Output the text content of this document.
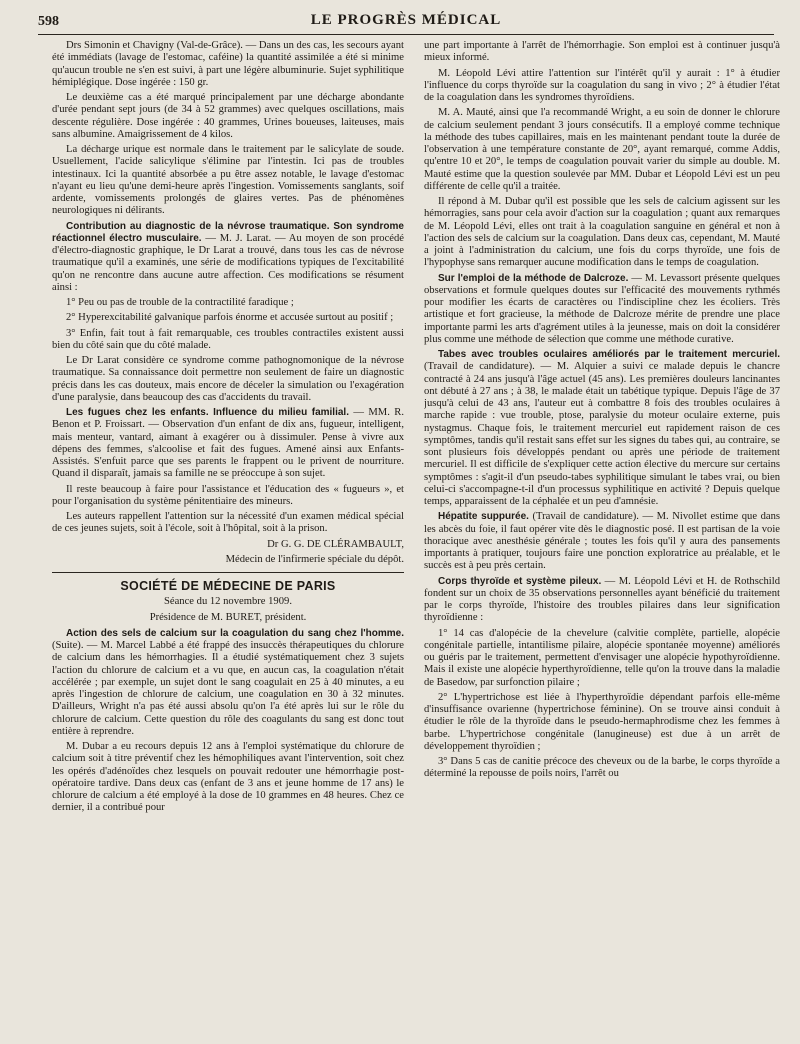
598	LE PROGRÈS MÉDICAL

Drs Simonin et Chavigny (Val-de-Grâce). — Dans un des cas, les secours ayant été immédiats (lavage de l'estomac, caféine) la quantité assimilée a été si minime qu'aucun trouble ne s'en est suivi, à part une légère albuminurie. Sujet syphilitique hémiplégique. Dose ingérée : 150 gr.

Le deuxième cas a été marqué principalement par une décharge abondante d'urée pendant sept jours (de 34 à 52 grammes) avec quelques oscillations, mais descente régulière. Dose ingérée : 40 grammes, Urines boueuses, laiteuses, mais sans albumine. Amaigrissement de 4 kilos.

La décharge urique est normale dans le traitement par le salicylate de soude. Usuellement, l'acide salicylique s'élimine par l'intestin. Ici pas de troubles intestinaux. Ici la quantité absorbée a pu être assez notable, le lavage d'estomac n'ayant eu lieu qu'une demi-heure après l'ingestion. Vomissements sanglants, soif ardente, vomissements prolongés de glaires vertes. Pas de phénomènes neurologiques ni délirants.

Contribution au diagnostic de la névrose traumatique. Son syndrome réactionnel électro musculaire. — M. J. Larat. — Au moyen de son procédé d'électro-diagnostic graphique, le Dr Larat a trouvé, dans tous les cas de névrose traumatique qu'il a examinés, une série de modifications typiques de l'excitabilité qu'on ne rencontre dans aucune autre affection. Ces modifications se résument ainsi :

1° Peu ou pas de trouble de la contractilité faradique ;

2° Hyperexcitabilité galvanique parfois énorme et accusée surtout au positif ;

3° Enfin, fait tout à fait remarquable, ces troubles contractiles existent aussi bien du côté sain que du côté malade.

Le Dr Larat considère ce syndrome comme pathognomonique de la névrose traumatique. Sa connaissance doit permettre non seulement de faire un diagnostic précis dans les cas douteux, mais encore de déceler la simulation ou l'exagération d'une paralysie, dans beaucoup des cas d'accidents du travail.

Les fugues chez les enfants. Influence du milieu familial. — MM. R. Benon et P. Froissart. — Observation d'un enfant de dix ans, fugueur, intelligent, mais menteur, vantard, aimant à exagérer ou à dissimuler. Pense à vivre aux dépens des femmes, s'alcoolise et fait des fugues. Amené ainsi aux Enfants-Assistés. S'enfuit parce que ses parents le frappent ou le privent de nourriture. Quand il disparaît, jamais sa famille ne se préoccupe à son sujet.

Il reste beaucoup à faire pour l'assistance et l'éducation des « fugueurs », et pour l'organisation du système pénitentiaire des mineurs.

Les auteurs rappellent l'attention sur la nécessité d'un examen médical spécial de ces jeunes sujets, soit à l'école, soit à l'hôpital, soit à la prison.

Dr G. G. DE CLÉRAMBAULT,

Médecin de l'infirmerie spéciale du dépôt.

SOCIÉTÉ DE MÉDECINE DE PARIS

Séance du 12 novembre 1909.

Présidence de M. BURET, président.

Action des sels de calcium sur la coagulation du sang chez l'homme. (Suite). — M. Marcel Labbé a été frappé des insuccès thérapeutiques du chlorure de calcium dans les hémorrhagies. Il a étudié systématiquement chez 3 sujets l'action du chlorure de calcium et a vu que, en aucun cas, la coagulation n'était accélérée ; par exemple, un sujet dont le sang coagulait en 25 à 40 minutes, a eu après l'ingestion de chlorure de calcium, une coagulation en 30 à 32 minutes. D'ailleurs, Wright n'a pas été aussi absolu qu'on l'a été après lui sur le rôle du chlorure de calcium. Cette question du rôle des coagulants du sang est donc tout entière à reprendre.

M. Dubar a eu recours depuis 12 ans à l'emploi systématique du chlorure de calcium soit à titre préventif chez les hémophiliques avant l'intervention, soit chez les opérés d'adénoïdes chez lesquels on pouvait redouter une hémorrhagie post-opératoire tardive. Dans deux cas (enfant de 3 ans et jeune homme de 17 ans) le chlorure de calcium a été employé à la dose de 10 grammes en 48 heures. Chez ce dernier, il a contribué pour

une part importante à l'arrêt de l'hémorrhagie. Son emploi est à continuer jusqu'à mieux informé.

M. Léopold Lévi attire l'attention sur l'intérêt qu'il y aurait : 1° à étudier l'influence du corps thyroïde sur la coagulation du sang in vivo ; 2° à étudier l'état de la coagulation dans les syndromes thyroïdiens.

M. A. Mauté, ainsi que l'a recommandé Wright, a eu soin de donner le chlorure de calcium seulement pendant 3 jours consécutifs. Il a employé comme technique la méthode des tubes capillaires, mais en les maintenant pendant toute la durée de l'observation à une température constante de 20°, ayant remarqué, comme Addis, qu'entre 10 et 20°, le temps de coagulation pouvait varier du simple au double. M. Mauté estime que la question soulevée par MM. Dubar et Léopold Lévi est un peu différente de celle qu'il a traitée.

Il répond à M. Dubar qu'il est possible que les sels de calcium agissent sur les hémorragies, sans pour cela avoir d'action sur la coagulation ; quant aux remarques de M. Léopold Lévi, elles ont trait à la coagulation sanguine en général et non à l'action des sels de calcium sur la coagulation. Dans deux cas, cependant, M. Mauté a joint à l'administration du calcium, une fois du corps thyroïde, une fois de l'hypophyse sans remarquer aucune modification dans le temps de coagulation.

Sur l'emploi de la méthode de Dalcroze. — M. Levassort présente quelques observations et formule quelques doutes sur l'efficacité des mouvements rythmés pour modifier les écarts de caractères ou l'indiscipline chez les écoliers. Très artistique et fort gracieuse, la méthode de Dalcroze mérite de prendre une place importante parmi les arts d'agrément utiles à la jeunesse, mais on doit la considérer plus comme une méthode de sélection que comme une méthode curative.

Tabes avec troubles oculaires améliorés par le traitement mercuriel. (Travail de candidature). — M. Alquier a suivi ce malade depuis le chancre contracté à 24 ans jusqu'à l'âge actuel (45 ans). Les premières douleurs lancinantes ont débuté à 27 ans ; à 38, le malade était un tabétique typique. Depuis l'âge de 37 jusqu'à celui de 43 ans, l'auteur eut à combattre 8 fois des troubles oculaires à marche rapide : vue trouble, ptose, paralysie du moteur oculaire externe, puis nystagmus. Chaque fois, le traitement mercuriel eut rapidement raison de ces symptômes, tandis qu'il restait sans effet sur les signes du tabes qui, au contraire, se sont plusieurs fois développés pendant ou après une période de traitement mercuriel. Il est difficile de s'expliquer cette action élective du mercure sur certains symptômes : s'agit-il d'un pseudo-tabes syphilitique simulant le tabes vrai, ou bien celui-ci s'accompagne-t-il d'un processus syphilitique en activité ? Depuis quelque temps, apparaissent de la céphalée et un peu d'amnésie.

Hépatite suppurée. (Travail de candidature). — M. Nivollet estime que dans les abcès du foie, il faut opérer vite dès le diagnostic posé. Il est partisan de la voie thoracique avec anesthésie générale ; toutes les fois qu'il y aura des pansements importants à pratiquer, toujours faire une ponction exploratrice au préalable, et le succès est à peu près certain.

Corps thyroïde et système pileux. — M. Léopold Lévi et H. de Rothschild fondent sur un choix de 35 observations personnelles ayant bénéficié du traitement par le corps thyroïde, l'histoire des troubles pilaires dans leur signification thyroïdienne :

1° 14 cas d'alopécie de la chevelure (calvitie complète, partielle, alopécie congénitale partielle, intantilisme pilaire, alopécie spontanée moyenne) améliorés ou guéris par le traitement, permettent d'envisager une alopécie hypothyroïdienne. Mais il existe une alopécie hyperthyroïdienne, telle qu'on la trouve dans la maladie de Basedow, par surfonction pilaire ;

2° L'hypertrichose est liée à l'hyperthyroïdie dépendant parfois elle-même d'insuffisance ovarienne (hypertrichose féminine). On se trouve ainsi conduit à étudier le rôle de la thyroïde dans le pseudo-hermaphrodisme chez les femmes à barbe. L'hypertrichose congénitale (lanugineuse) est due à un arrêt de développement thyroïdien ;

3° Dans 5 cas de canitie précoce des cheveux ou de la barbe, le corps thyroïde a déterminé la repousse de poils noirs, l'arrêt ou
